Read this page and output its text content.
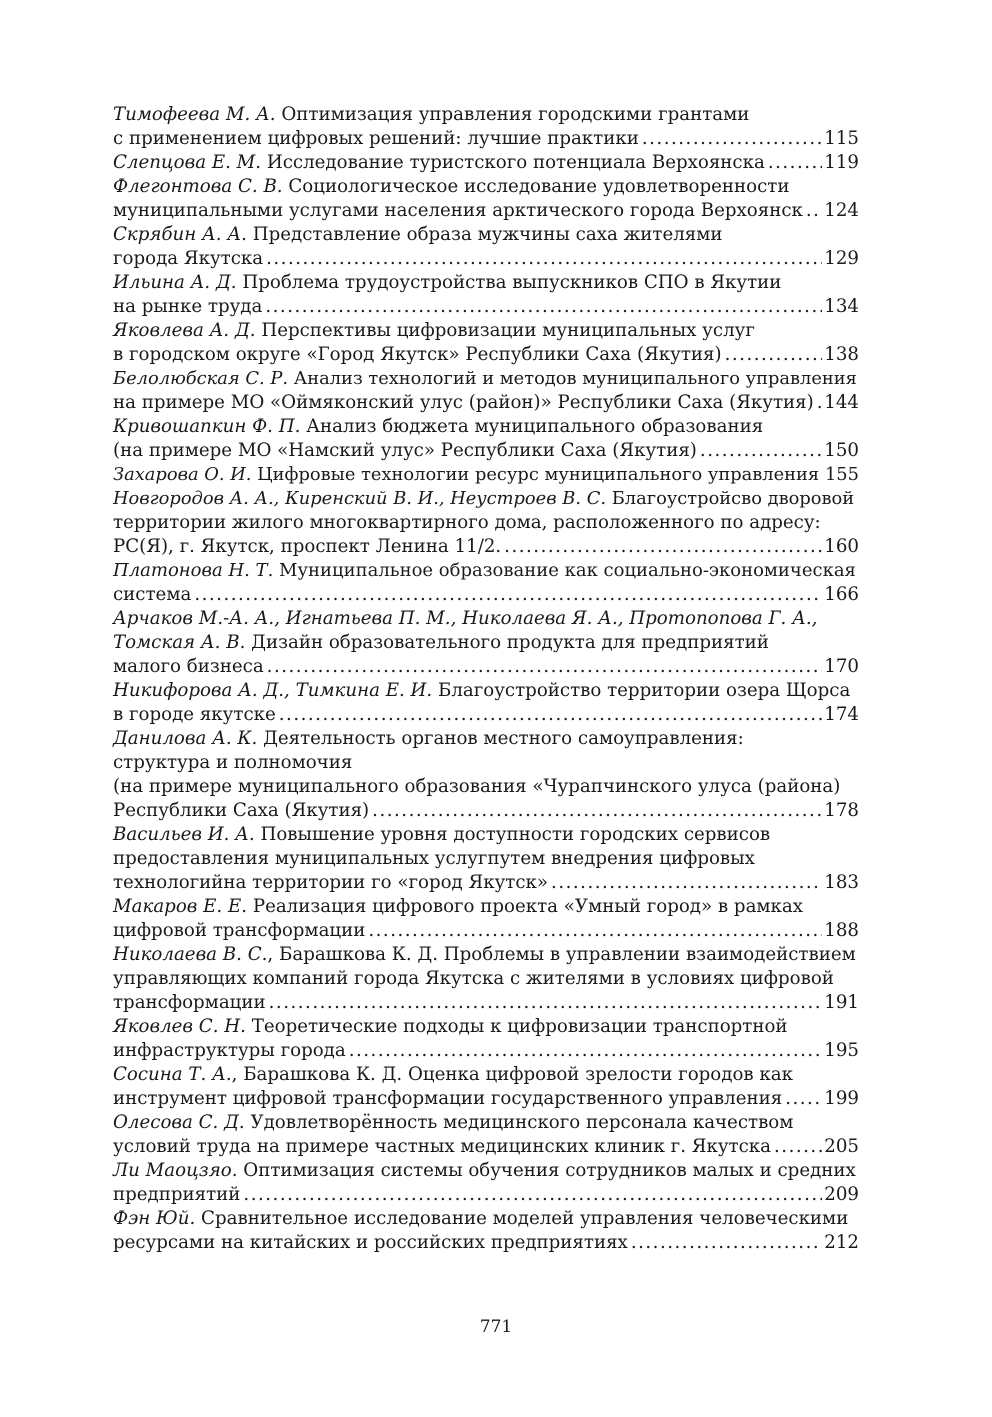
Тимофеева М. А. Оптимизация управления городскими грантами
с применением цифровых решений: лучшие практики .....	115
Слепцова Е. М. Исследование туристского потенциала Верхоянска .....	119
Флегонтова С. В. Социологическое исследование удовлетворенности
муниципальными услугами населения арктического города Верхоянск ..... 124
Скрябин А. А. Представление образа мужчины саха жителями
города Якутска .....	129
Ильина А. Д. Проблема трудоустройства выпускников СПО в Якутии
на рынке труда .....	134
Яковлева А. Д. Перспективы цифровизации муниципальных услуг
в городском округе «Город Якутск» Республики Саха (Якутия) .....	138
Белолюбская С. Р. Анализ технологий и методов муниципального управления
на примере МО «Оймяконский улус (район)» Республики Саха (Якутия) ..... 144
Кривошапкин Ф. П. Анализ бюджета муниципального образования
(на примере МО «Намский улус» Республики Саха (Якутия) .....	150
Захарова О. И. Цифровые технологии ресурс муниципального управления ..... 155
Новгородов А. А., Киренский В. И., Неустроев В. С. Благоустройсво дворовой
территории жилого многоквартирного дома, расположенного по адресу:
РС(Я), г. Якутск, проспект Ленина 11/2. .....	160
Платонова Н. Т. Муниципальное образование как социально-экономическая
система .....	166
Арчаков М.-А. А., Игнатьева П. М., Николаева Я. А., Протопопова Г. А.,
Томская А. В. Дизайн образовательного продукта для предприятий
малого бизнеса .....	170
Никифорова А. Д., Тимкина Е. И. Благоустройство территории озера Щорса
в городе якутске .....	174
Данилова А. К. Деятельность органов местного самоуправления:
структура и полномочия
(на примере муниципального образования «Чурапчинского улуса (района)
Республики Саха (Якутия) .....	178
Васильев И. А. Повышение уровня доступности городских сервисов
предоставления муниципальных услугпутем внедрения цифровых
технологийна территории го «город Якутск» .....	183
Макаров Е. Е. Реализация цифрового проекта «Умный город» в рамках
цифровой трансформации .....	188
Николаева В. С., Барашкова К. Д. Проблемы в управлении взаимодействием
управляющих компаний города Якутска с жителями в условиях цифровой
трансформации .....	191
Яковлев С. Н. Теоретические подходы к цифровизации транспортной
инфраструктуры города .....	195
Сосина Т. А., Барашкова К. Д. Оценка цифровой зрелости городов как
инструмент цифровой трансформации государственного управления ..... 199
Олесова С. Д. Удовлетворённость медицинского персонала качеством
условий труда на примере частных медицинских клиник г. Якутска .....	205
Ли Маоцзяо. Оптимизация системы обучения сотрудников малых и средних
предприятий .....	209
Фэн Юй. Сравнительное исследование моделей управления человеческими
ресурсами на китайских и российских предприятиях .....	212
771
